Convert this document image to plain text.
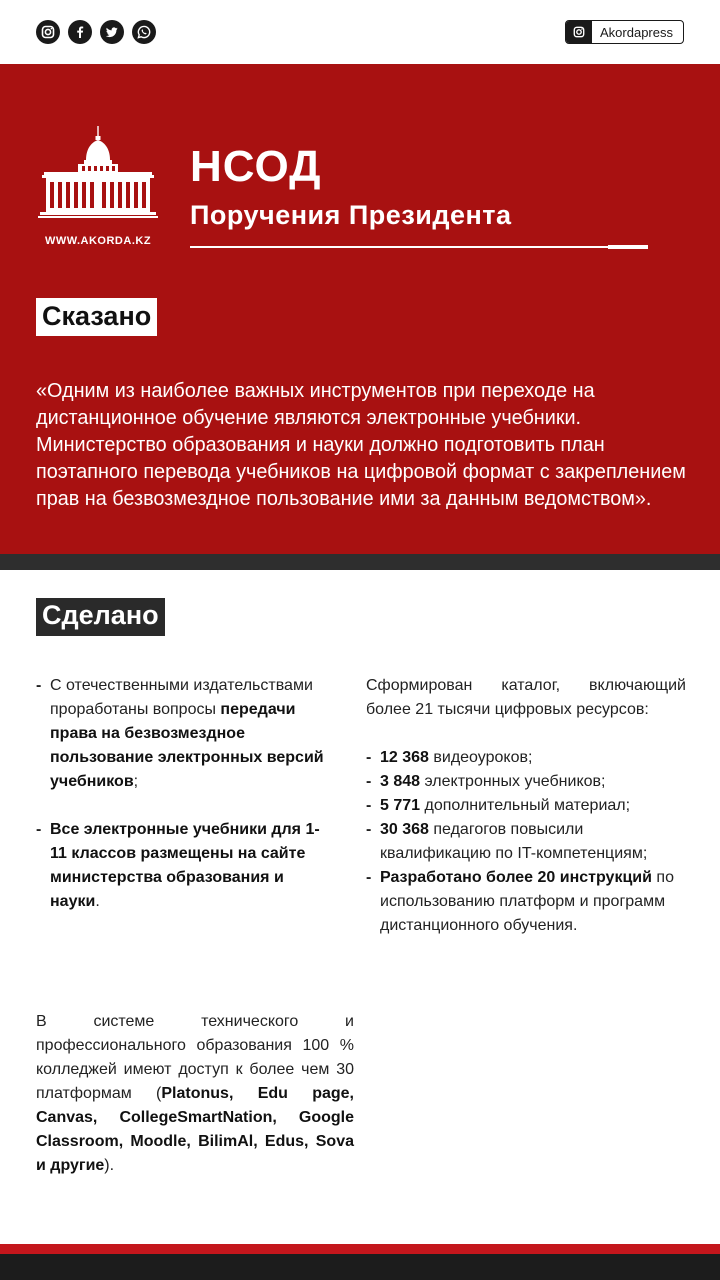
Akordapress
WWW.AKORDA.KZ
НСОД
Поручения Президента
Сказано
«Одним из наиболее важных инструментов при переходе на
дистанционное обучение являются электронные учебники.
Министерство образования и науки должно подготовить план
поэтапного перевода учебников на цифровой формат с закреплением
прав на безвозмездное пользование ими за данным ведомством».
Сделано
- С отечественными издательствами проработаны вопросы передачи права на безвозмездное пользование электронных версий учебников;
- Все электронные учебники для 1-11 классов размещены на сайте министерства образования и науки.
Сформирован каталог, включающий более 21 тысячи цифровых ресурсов:
- 12 368 видеоуроков;
- 3 848 электронных учебников;
- 5 771 дополнительный материал;
- 30 368 педагогов повысили квалификацию по IT-компетенциям;
- Разработано более 20 инструкций по использованию платформ и программ дистанционного обучения.
В системе технического и профессионального образования 100 % колледжей имеют доступ к более чем 30 платформам (Platonus, Edu page, Canvas, CollegeSmartNation, Google Classroom, Moodle, BilimAl, Edus, Sova и другие).
